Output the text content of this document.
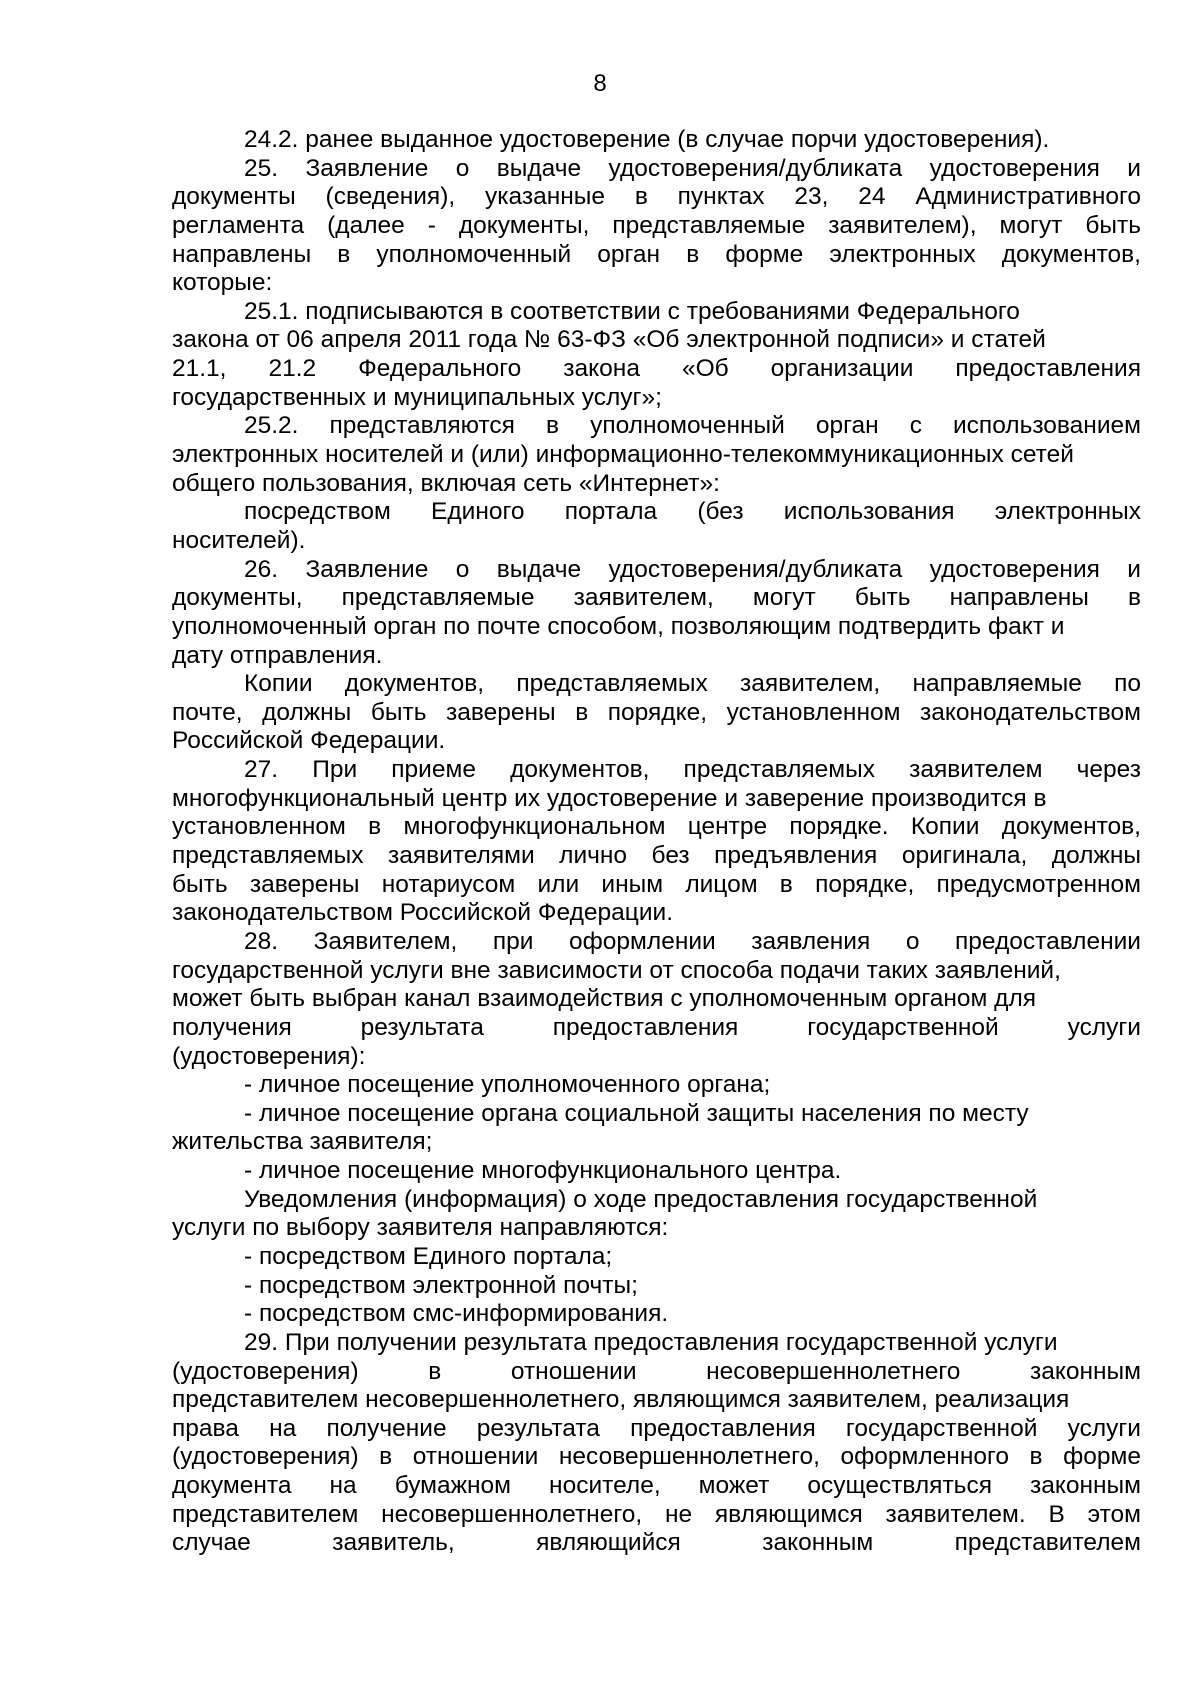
8
24.2. ранее выданное удостоверение (в случае порчи удостоверения).
25. Заявление о выдаче удостоверения/дубликата удостоверения и
документы (сведения), указанные в пунктах 23, 24 Административного
регламента (далее - документы, представляемые заявителем), могут быть
направлены в уполномоченный орган в форме электронных документов,
которые:
25.1. подписываются в соответствии с требованиями Федерального
закона от 06 апреля 2011 года № 63-ФЗ «Об электронной подписи» и статей
21.1, 21.2 Федерального закона «Об организации предоставления
государственных и муниципальных услуг»;
25.2. представляются в уполномоченный орган с использованием
электронных носителей и (или) информационно-телекоммуникационных сетей
общего пользования, включая сеть «Интернет»:
посредством Единого портала (без использования электронных
носителей).
26. Заявление о выдаче удостоверения/дубликата удостоверения и
документы, представляемые заявителем, могут быть направлены в
уполномоченный орган по почте способом, позволяющим подтвердить факт и
дату отправления.
Копии документов, представляемых заявителем, направляемые по
почте, должны быть заверены в порядке, установленном законодательством
Российской Федерации.
27. При приеме документов, представляемых заявителем через
многофункциональный центр их удостоверение и заверение производится в
установленном в многофункциональном центре порядке. Копии документов,
представляемых заявителями лично без предъявления оригинала, должны
быть заверены нотариусом или иным лицом в порядке, предусмотренном
законодательством Российской Федерации.
28. Заявителем, при оформлении заявления о предоставлении
государственной услуги вне зависимости от способа подачи таких заявлений,
может быть выбран канал взаимодействия с уполномоченным органом для
получения результата предоставления государственной услуги
(удостоверения):
- личное посещение уполномоченного органа;
- личное посещение органа социальной защиты населения по месту
жительства заявителя;
- личное посещение многофункционального центра.
Уведомления (информация) о ходе предоставления государственной
услуги по выбору заявителя направляются:
- посредством Единого портала;
- посредством электронной почты;
- посредством смс-информирования.
29. При получении результата предоставления государственной услуги
(удостоверения) в отношении несовершеннолетнего законным
представителем несовершеннолетнего, являющимся заявителем, реализация
права на получение результата предоставления государственной услуги
(удостоверения) в отношении несовершеннолетнего, оформленного в форме
документа на бумажном носителе, может осуществляться законным
представителем несовершеннолетнего, не являющимся заявителем. В этом
случае заявитель, являющийся законным представителем
